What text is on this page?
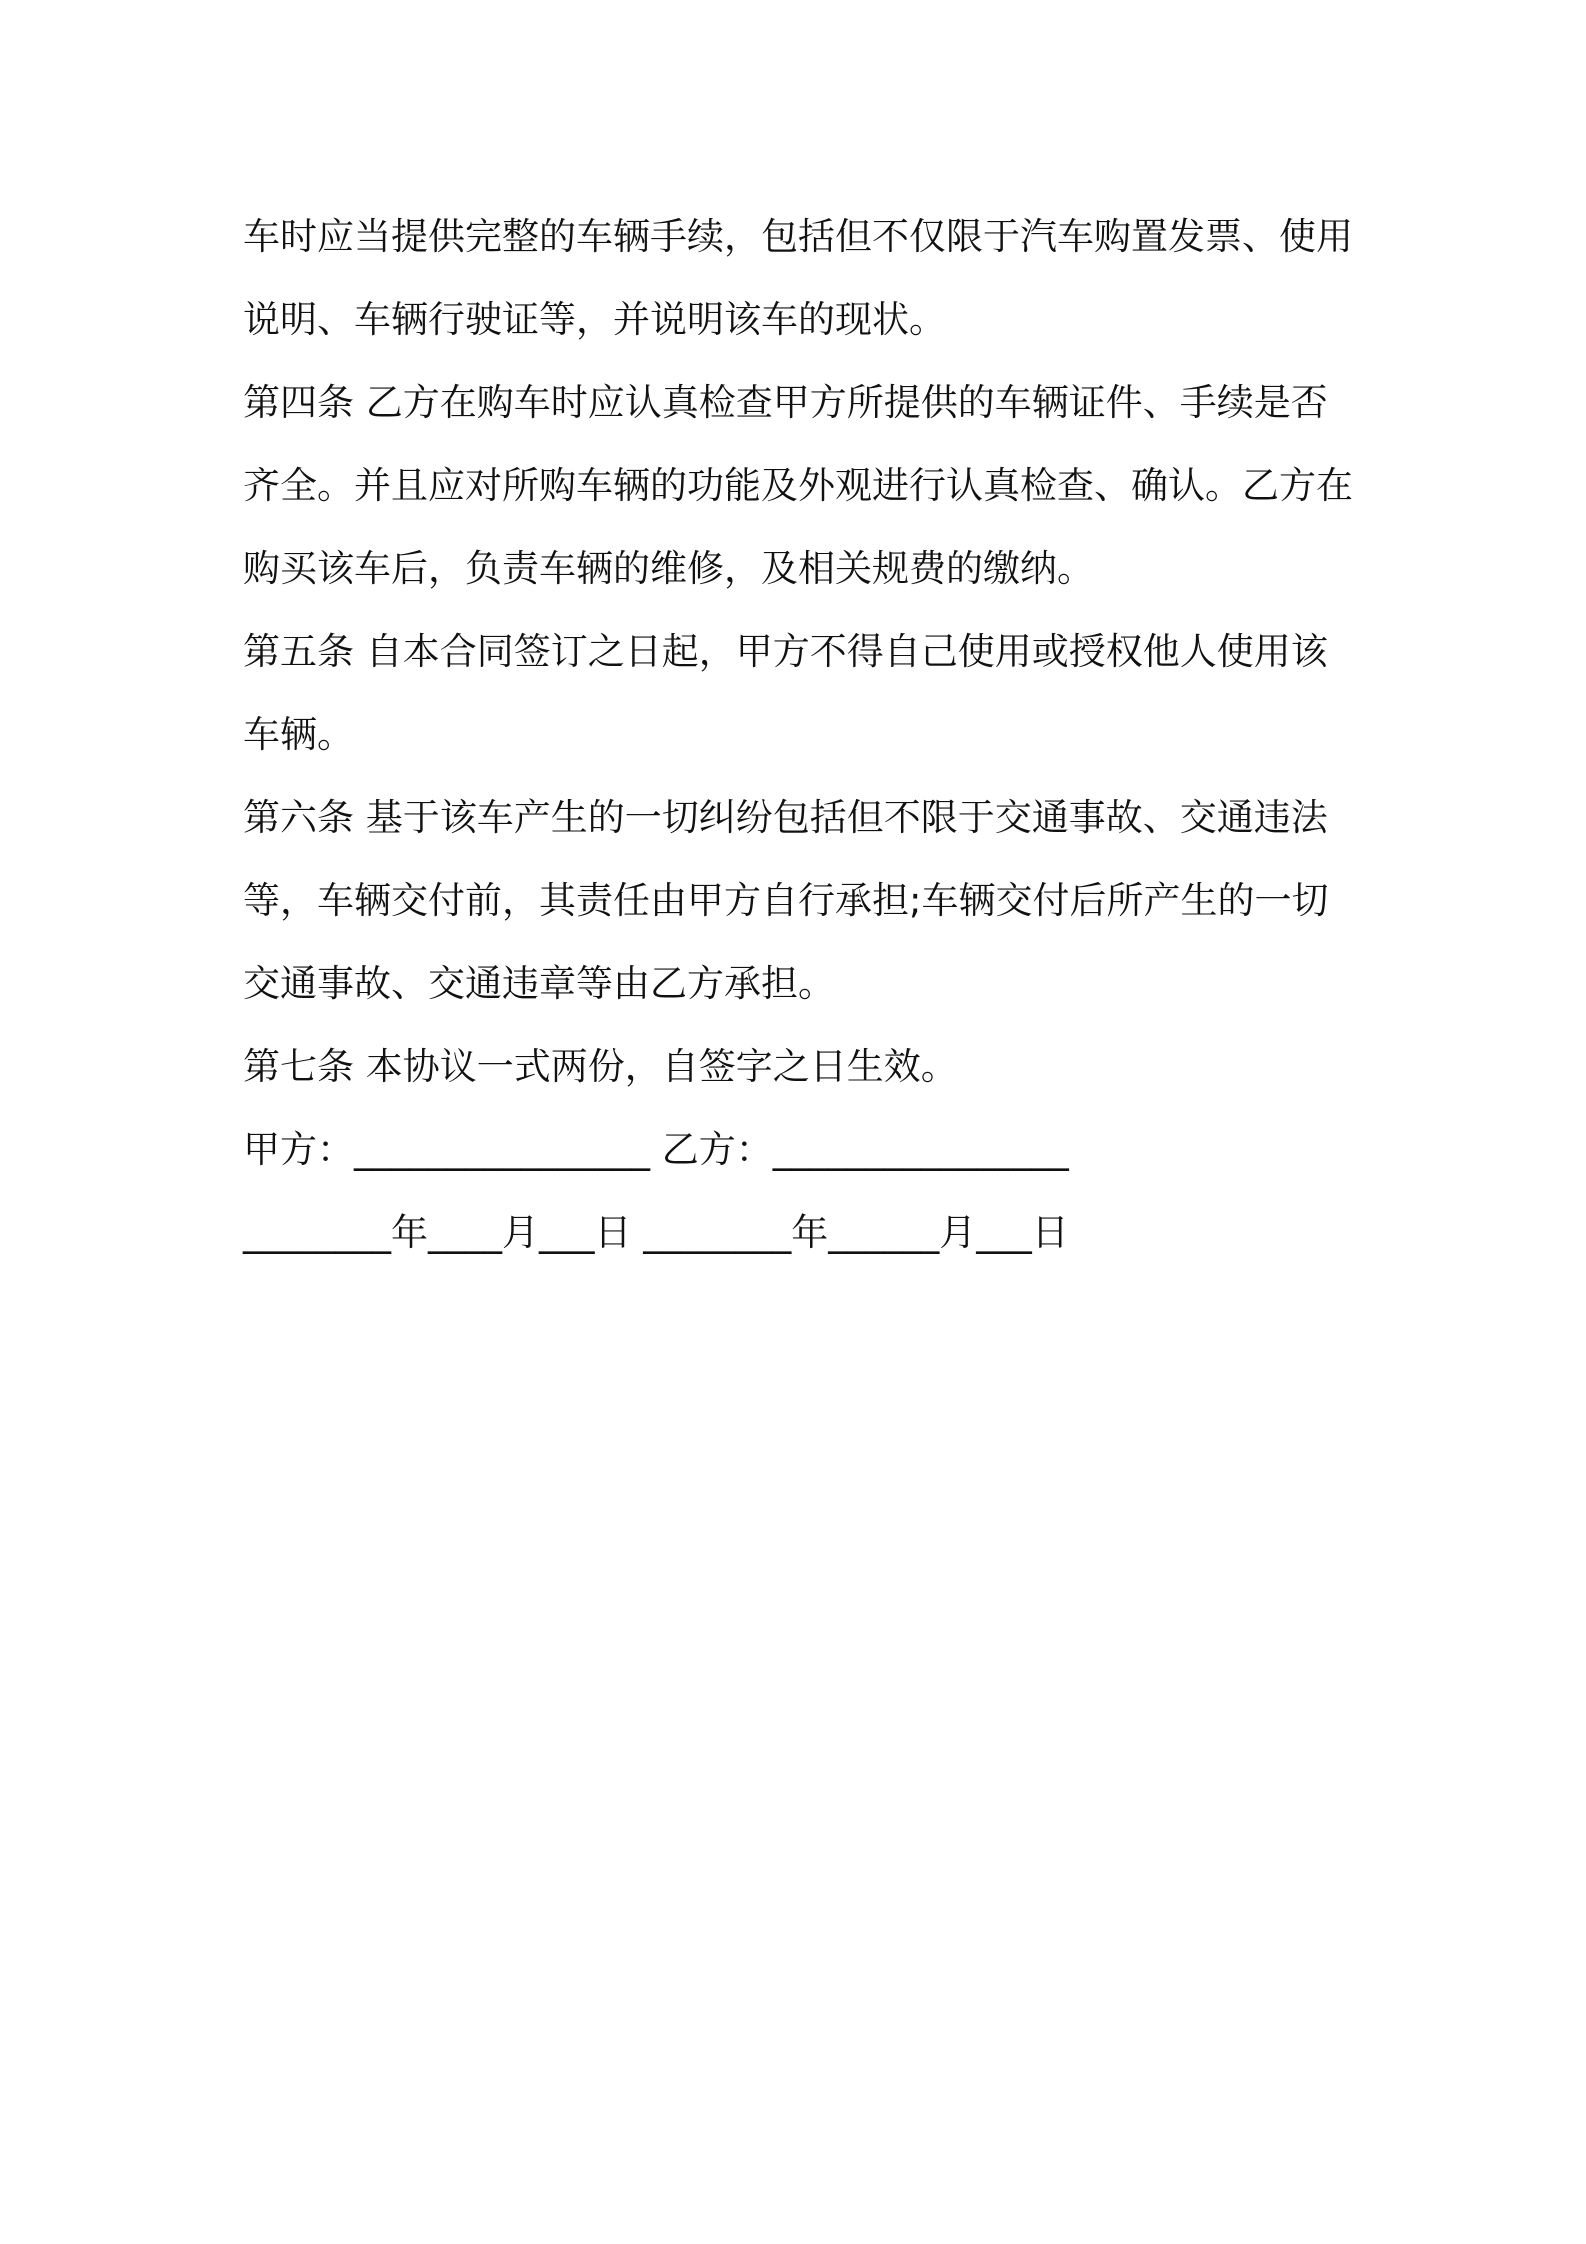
车时应当提供完整的车辆手续，包括但不仅限于汽车购置发票、使用
说明、车辆行驶证等，并说明该车的现状。
第四条 乙方在购车时应认真检查甲方所提供的车辆证件、手续是否
齐全。并且应对所购车辆的功能及外观进行认真检查、确认。乙方在
购买该车后，负责车辆的维修，及相关规费的缴纳。
第五条 自本合同签订之日起，甲方不得自己使用或授权他人使用该
车辆。
第六条 基于该车产生的一切纠纷包括但不限于交通事故、交通违法
等，车辆交付前，其责任由甲方自行承担;车辆交付后所产生的一切
交通事故、交通违章等由乙方承担。
第七条 本协议一式两份，自签字之日生效。
甲方：________________ 乙方：________________
________年____月___日 ________年______月___日
